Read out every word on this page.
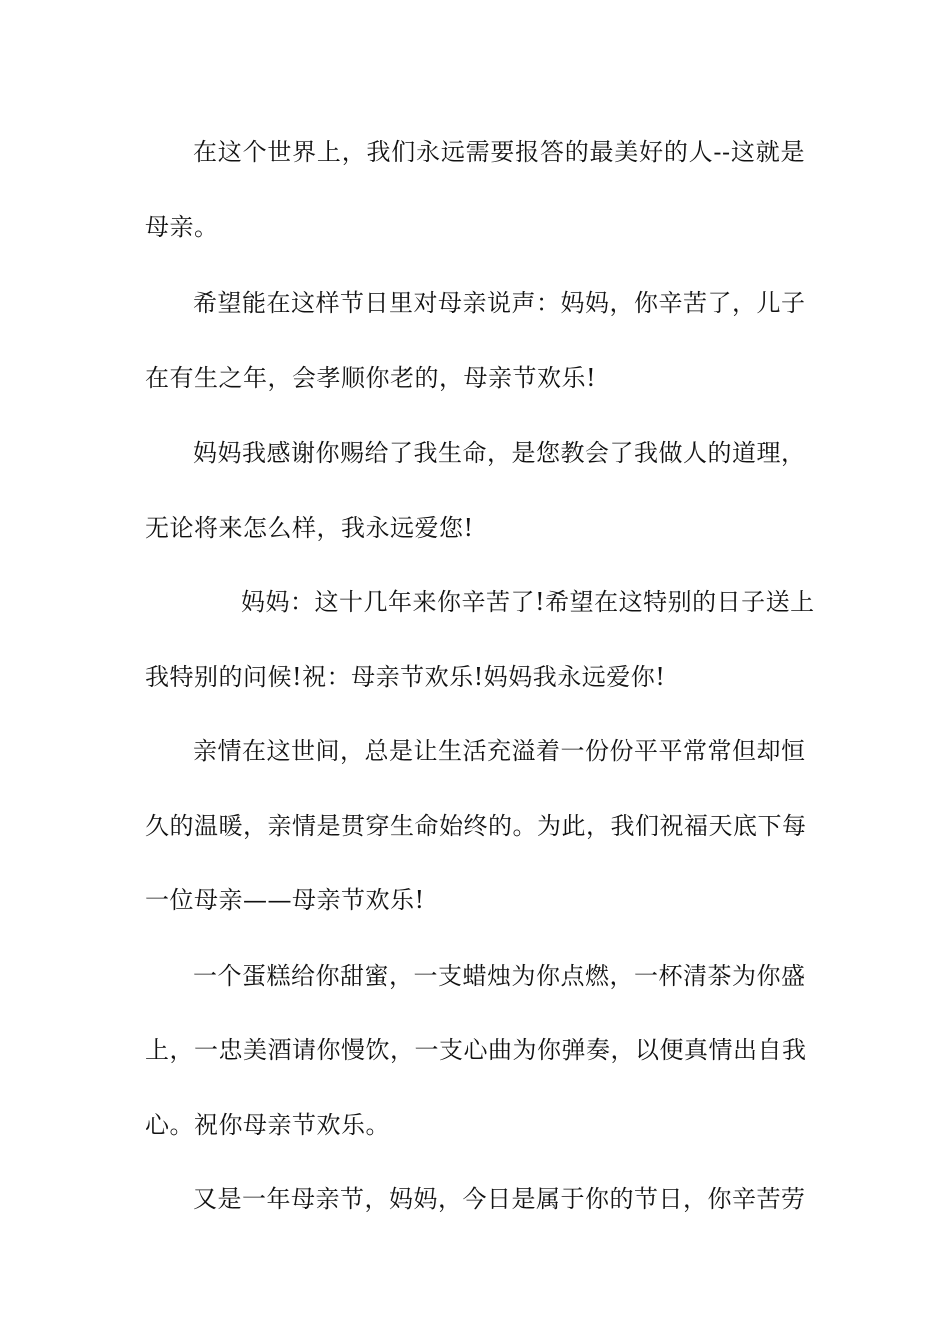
在这个世界上，我们永远需要报答的最美好的人--这就是
母亲。
希望能在这样节日里对母亲说声：妈妈，你辛苦了，儿子
在有生之年，会孝顺你老的，母亲节欢乐!
妈妈我感谢你赐给了我生命，是您教会了我做人的道理，
无论将来怎么样，我永远爱您!
妈妈：这十几年来你辛苦了!希望在这特别的日子送上
我特别的问候!祝：母亲节欢乐!妈妈我永远爱你!
亲情在这世间，总是让生活充溢着一份份平平常常但却恒
久的温暖，亲情是贯穿生命始终的。为此，我们祝福天底下每
一位母亲——母亲节欢乐!
一个蛋糕给你甜蜜，一支蜡烛为你点燃，一杯清茶为你盛
上，一忠美酒请你慢饮，一支心曲为你弹奏，以便真情出自我
心。祝你母亲节欢乐。
又是一年母亲节，妈妈，今日是属于你的节日，你辛苦劳
